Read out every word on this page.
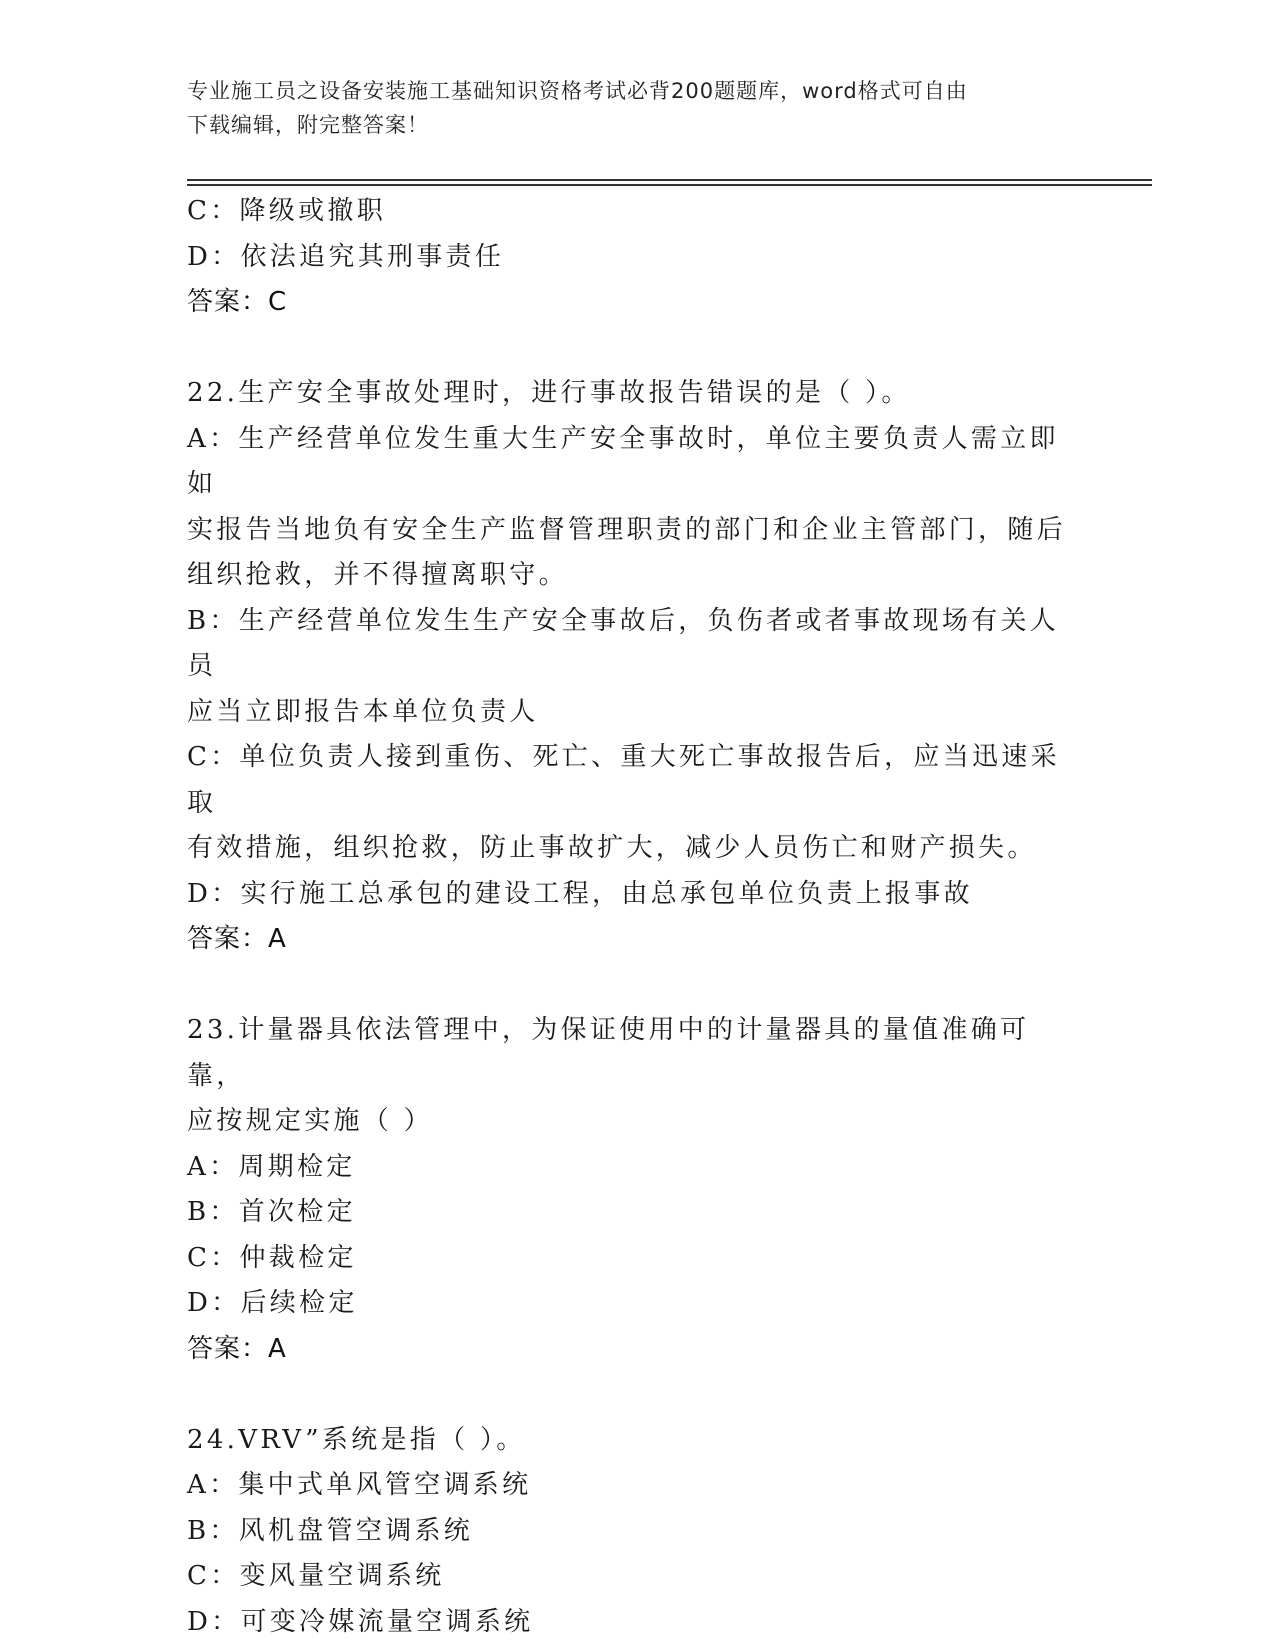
专业施工员之设备安装施工基础知识资格考试必背200题题库，word格式可自由

下载编辑，附完整答案！

C：降级或撤职

D：依法追究其刑事责任

答案：C

22.生产安全事故处理时，进行事故报告错误的是（ ）。

A：生产经营单位发生重大生产安全事故时，单位主要负责人需立即如

实报告当地负有安全生产监督管理职责的部门和企业主管部门，随后

组织抢救，并不得擅离职守。

B：生产经营单位发生生产安全事故后，负伤者或者事故现场有关人员

应当立即报告本单位负责人

C：单位负责人接到重伤、死亡、重大死亡事故报告后，应当迅速采取

有效措施，组织抢救，防止事故扩大，减少人员伤亡和财产损失。

D：实行施工总承包的建设工程，由总承包单位负责上报事故

答案：A

23.计量器具依法管理中，为保证使用中的计量器具的量值准确可靠，

应按规定实施（ ）

A：周期检定

B：首次检定

C：仲裁检定

D：后续检定

答案：A

24.VRV”系统是指（ ）。

A：集中式单风管空调系统

B：风机盘管空调系统

C：变风量空调系统

D：可变冷媒流量空调系统
